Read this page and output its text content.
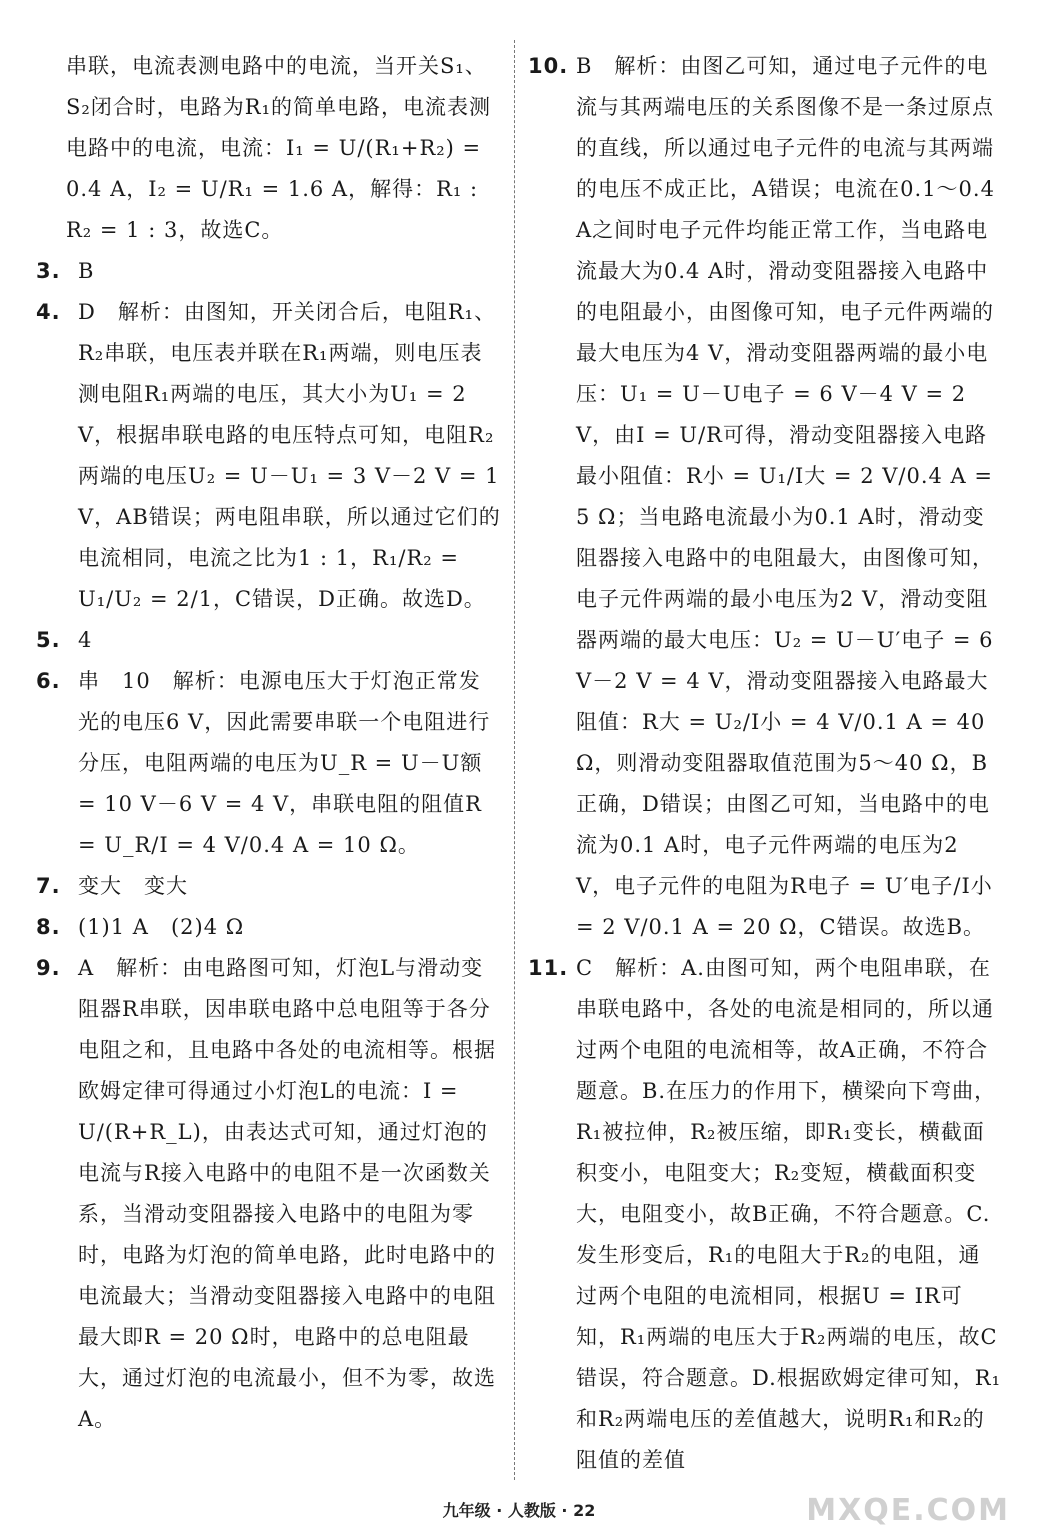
串联，电流表测电路中的电流，当开关S₁、S₂闭合时，电路为R₁的简单电路，电流表测电路中的电流，电流：I₁ = U/(R₁+R₂) = 0.4 A，I₂ = U/R₁ = 1.6 A，解得：R₁ : R₂ = 1 : 3，故选C。

3. B

4. D　解析：由图知，开关闭合后，电阻R₁、R₂串联，电压表并联在R₁两端，则电压表测电阻R₁两端的电压，其大小为U₁ = 2 V，根据串联电路的电压特点可知，电阻R₂两端的电压U₂ = U－U₁ = 3 V－2 V = 1 V，AB错误；两电阻串联，所以通过它们的电流相同，电流之比为1 : 1，R₁/R₂ = U₁/U₂ = 2/1，C错误，D正确。故选D。

5. 4

6. 串　10　解析：电源电压大于灯泡正常发光的电压6 V，因此需要串联一个电阻进行分压，电阻两端的电压为U_R = U－U额 = 10 V－6 V = 4 V，串联电阻的阻值R = U_R/I = 4 V/0.4 A = 10 Ω。

7. 变大　变大

8. (1)1 A　(2)4 Ω

9. A　解析：由电路图可知，灯泡L与滑动变阻器R串联，因串联电路中总电阻等于各分电阻之和，且电路中各处的电流相等。根据欧姆定律可得通过小灯泡L的电流：I = U/(R+R_L)，由表达式可知，通过灯泡的电流与R接入电路中的电阻不是一次函数关系，当滑动变阻器接入电路中的电阻为零时，电路为灯泡的简单电路，此时电路中的电流最大；当滑动变阻器接入电路中的电阻最大即R = 20 Ω时，电路中的总电阻最大，通过灯泡的电流最小，但不为零，故选A。

10. B　解析：由图乙可知，通过电子元件的电流与其两端电压的关系图像不是一条过原点的直线，所以通过电子元件的电流与其两端的电压不成正比，A错误；电流在0.1～0.4 A之间时电子元件均能正常工作，当电路电流最大为0.4 A时，滑动变阻器接入电路中的电阻最小，由图像可知，电子元件两端的最大电压为4 V，滑动变阻器两端的最小电压：U₁ = U－U电子 = 6 V－4 V = 2 V，由I = U/R可得，滑动变阻器接入电路最小阻值：R小 = U₁/I大 = 2 V/0.4 A = 5 Ω；当电路电流最小为0.1 A时，滑动变阻器接入电路中的电阻最大，由图像可知，电子元件两端的最小电压为2 V，滑动变阻器两端的最大电压：U₂ = U－U′电子 = 6 V－2 V = 4 V，滑动变阻器接入电路最大阻值：R大 = U₂/I小 = 4 V/0.1 A = 40 Ω，则滑动变阻器取值范围为5～40 Ω，B正确，D错误；由图乙可知，当电路中的电流为0.1 A时，电子元件两端的电压为2 V，电子元件的电阻为R电子 = U′电子/I小 = 2 V/0.1 A = 20 Ω，C错误。故选B。

11. C　解析：A.由图可知，两个电阻串联，在串联电路中，各处的电流是相同的，所以通过两个电阻的电流相等，故A正确，不符合题意。B.在压力的作用下，横梁向下弯曲，R₁被拉伸，R₂被压缩，即R₁变长，横截面积变小，电阻变大；R₂变短，横截面积变大，电阻变小，故B正确，不符合题意。C.发生形变后，R₁的电阻大于R₂的电阻，通过两个电阻的电流相同，根据U = IR可知，R₁两端的电压大于R₂两端的电压，故C错误，符合题意。D.根据欧姆定律可知，R₁和R₂两端电压的差值越大，说明R₁和R₂的阻值的差值

九年级 · 人教版 · 22	MXQE.COM
